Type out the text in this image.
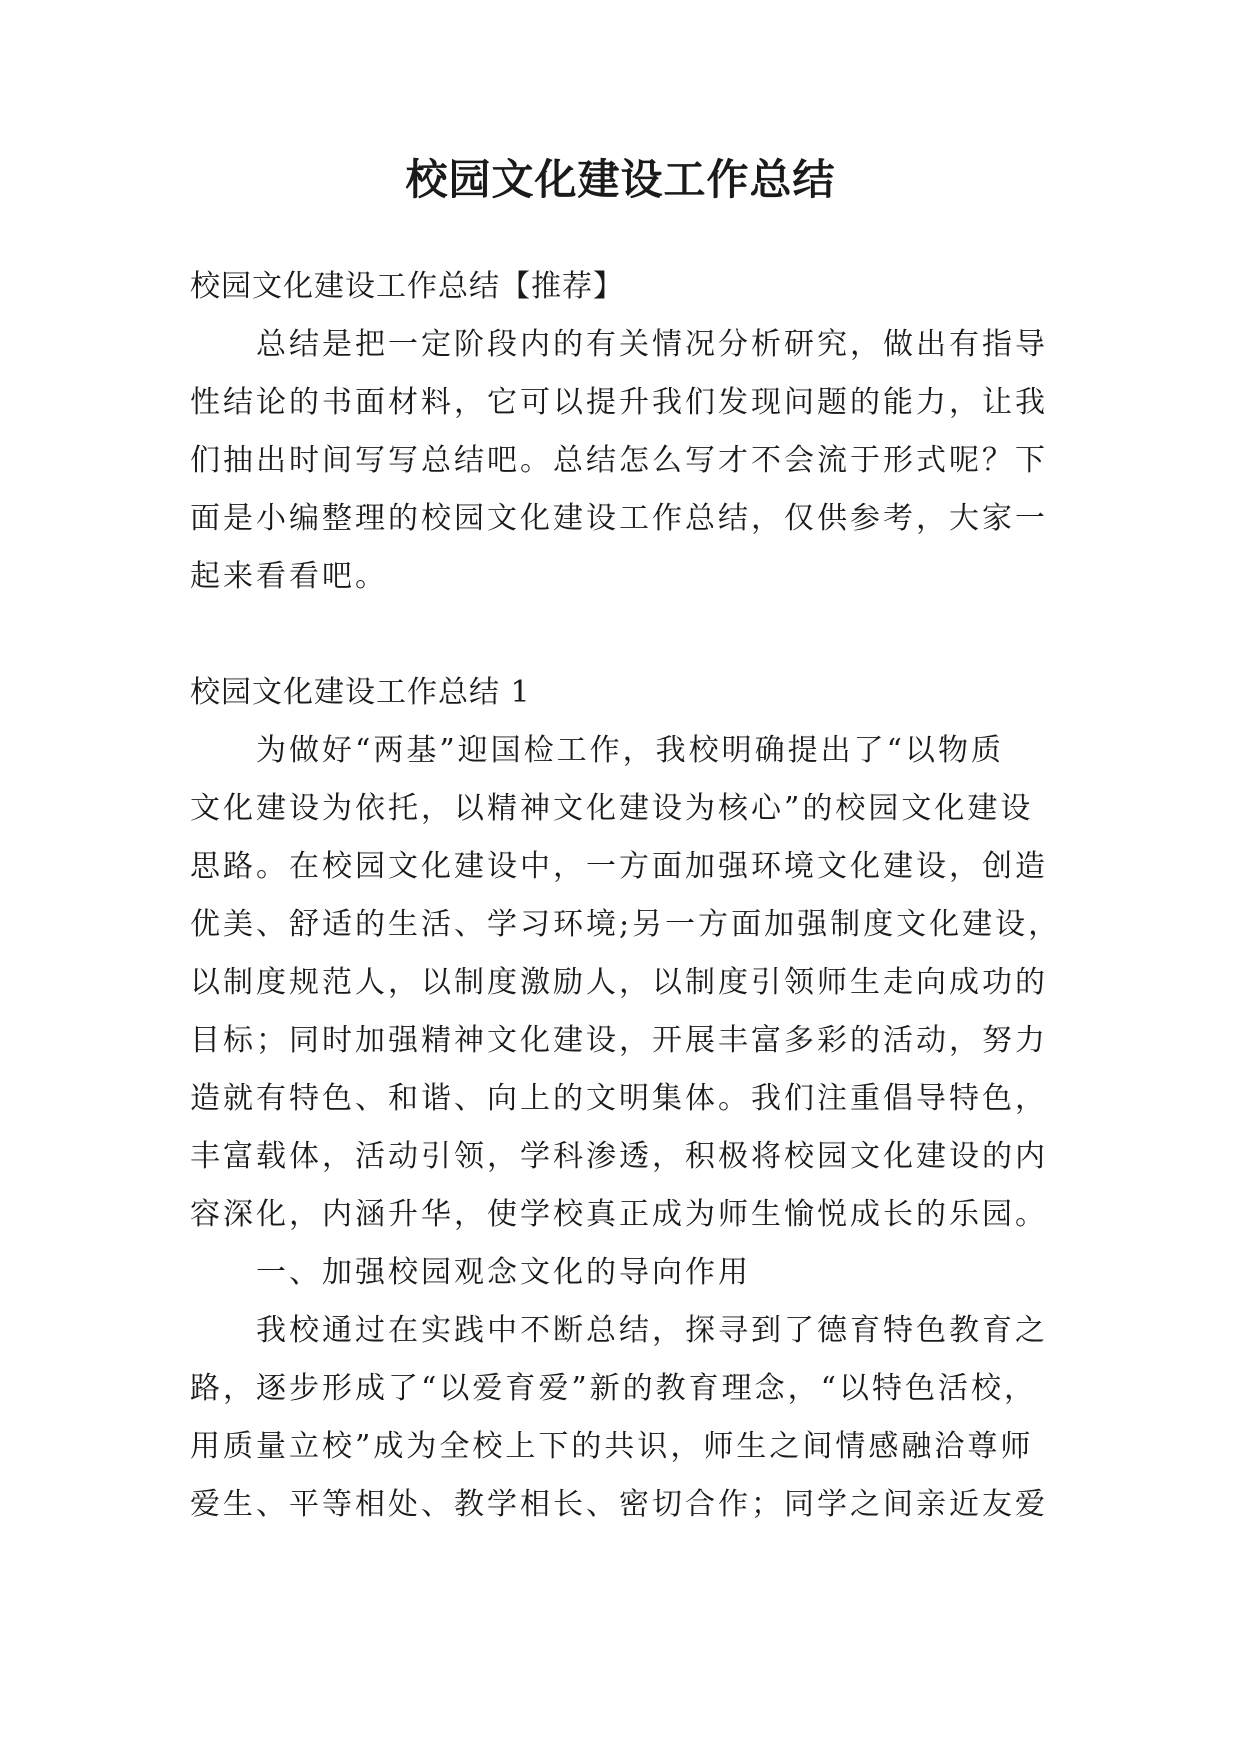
校园文化建设工作总结
校园文化建设工作总结【推荐】
总结是把一定阶段内的有关情况分析研究，做出有指导
性结论的书面材料，它可以提升我们发现问题的能力，让我
们抽出时间写写总结吧。总结怎么写才不会流于形式呢？下
面是小编整理的校园文化建设工作总结，仅供参考，大家一
起来看看吧。
校园文化建设工作总结 1
为做好“两基”迎国检工作，我校明确提出了“以物质
文化建设为依托，以精神文化建设为核心”的校园文化建设
思路。在校园文化建设中，一方面加强环境文化建设，创造
优美、舒适的生活、学习环境;另一方面加强制度文化建设，
以制度规范人，以制度激励人，以制度引领师生走向成功的
目标；同时加强精神文化建设，开展丰富多彩的活动，努力
造就有特色、和谐、向上的文明集体。我们注重倡导特色，
丰富载体，活动引领，学科渗透，积极将校园文化建设的内
容深化，内涵升华，使学校真正成为师生愉悦成长的乐园。
一、加强校园观念文化的导向作用
我校通过在实践中不断总结，探寻到了德育特色教育之
路，逐步形成了“以爱育爱”新的教育理念，“以特色活校，
用质量立校”成为全校上下的共识，师生之间情感融洽尊师
爱生、平等相处、教学相长、密切合作；同学之间亲近友爱
